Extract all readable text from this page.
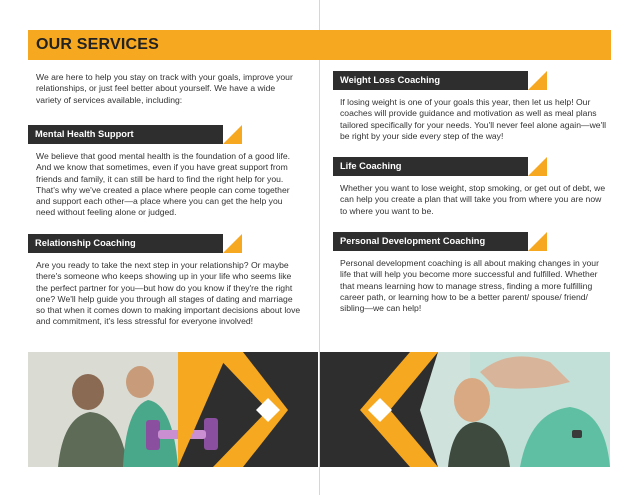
OUR SERVICES

We are here to help you stay on track with your goals, improve your relationships, or just feel better about yourself. We have a wide variety of services available, including:

Mental Health Support

We believe that good mental health is the foundation of a good life. And we know that sometimes, even if you have great support from friends and family, it can still be hard to find the right help for you. That's why we've created a place where people can come together and support each other—a place where you can get the help you need without feeling alone or judged.

Relationship Coaching

Are you ready to take the next step in your relationship? Or maybe there's someone who keeps showing up in your life who seems like the perfect partner for you—but how do you know if they're the right one? We'll help guide you through all stages of dating and marriage so that when it comes down to making important decisions about love and commitment, it's less stressful for everyone involved!

Weight Loss Coaching

If losing weight is one of your goals this year, then let us help! Our coaches will provide guidance and motivation as well as meal plans tailored specifically for your needs. You'll never feel alone again—we'll be right by your side every step of the way!

Life Coaching

Whether you want to lose weight, stop smoking, or get out of debt, we can help you create a plan that will take you from where you are now to where you want to be.

Personal Development Coaching

Personal development coaching is all about making changes in your life that will help you become more successful and fulfilled. Whether that means learning how to manage stress, finding a more fulfilling career path, or learning how to be a better parent/ spouse/ friend/ sibling—we can help!
